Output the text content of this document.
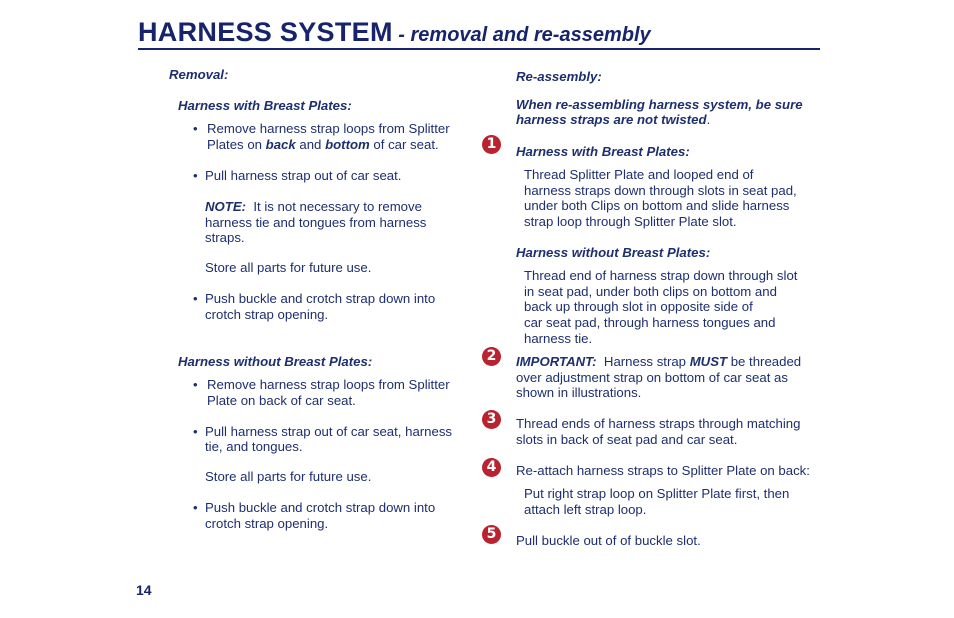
HARNESS SYSTEM - removal and re-assembly
Removal:
Harness with Breast Plates:
• Remove harness strap loops from Splitter
Plates on back and bottom of car seat.
• Pull harness strap out of car seat.
NOTE:  It is not necessary to remove
harness tie and tongues from harness
straps.
Store all parts for future use.
• Push buckle and crotch strap down into
crotch strap opening.
Harness without Breast Plates:
• Remove harness strap loops from Splitter
Plate on back of car seat.
• Pull harness strap out of car seat, harness
tie, and tongues.
Store all parts for future use.
• Push buckle and crotch strap down into
crotch strap opening.
Re-assembly:
When re-assembling harness system, be sure
harness straps are not twisted.
1	Harness with Breast Plates:
Thread Splitter Plate and looped end of
harness straps down through slots in seat pad,
under both Clips on bottom and slide harness
strap loop through Splitter Plate slot.
Harness without Breast Plates:
Thread end of harness strap down through slot
in seat pad, under both clips on bottom and
back up through slot in opposite side of
car seat pad, through harness tongues and
harness tie.
2	IMPORTANT:  Harness strap MUST be threaded
over adjustment strap on bottom of car seat as
shown in illustrations.
3	Thread ends of harness straps through matching
slots in back of seat pad and car seat.
4	Re-attach harness straps to Splitter Plate on back:
Put right strap loop on Splitter Plate first, then
attach left strap loop.
5	Pull buckle out of of buckle slot.
14
